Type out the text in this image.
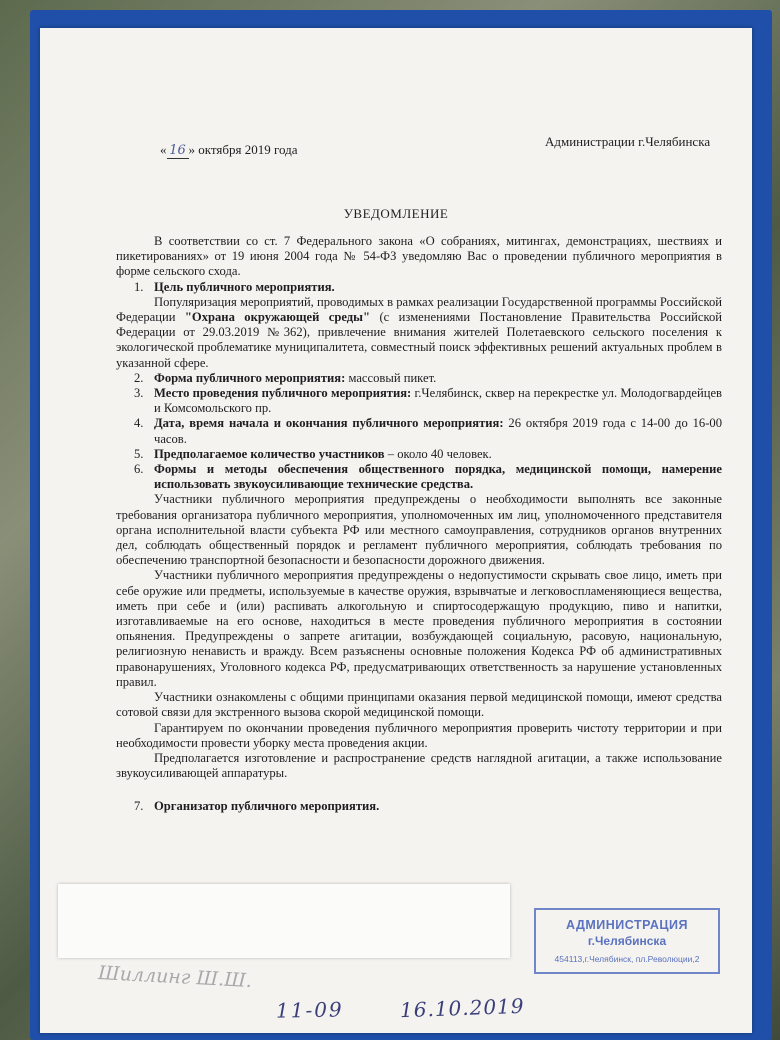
Администрации г.Челябинска
« 16 » октября 2019 года
УВЕДОМЛЕНИЕ

В соответствии со ст. 7 Федерального закона «О собраниях, митингах, демонстрациях, шествиях и пикетированиях» от 19 июня 2004 года № 54-ФЗ уведомляю Вас о проведении публичного мероприятия в форме сельского схода.

1. Цель публичного мероприятия.

Популяризация мероприятий, проводимых в рамках реализации Государственной программы Российской Федерации "Охрана окружающей среды" (с изменениями Постановление Правительства Российской Федерации от 29.03.2019 №362), привлечение внимания жителей Полетаевского сельского поселения к экологической проблематике муниципалитета, совместный поиск эффективных решений актуальных проблем в указанной сфере.

2. Форма публичного мероприятия: массовый пикет.
3. Место проведения публичного мероприятия: г.Челябинск, сквер на перекрестке ул. Молодогвардейцев и Комсомольского пр.
4. Дата, время начала и окончания публичного мероприятия: 26 октября 2019 года с 14-00 до 16-00 часов.
5. Предполагаемое количество участников – около 40 человек.
6. Формы и методы обеспечения общественного порядка, медицинской помощи, намерение использовать звукоусиливающие технические средства.

Участники публичного мероприятия предупреждены о необходимости выполнять все законные требования организатора публичного мероприятия, уполномоченных им лиц, уполномоченного представителя органа исполнительной власти субъекта РФ или местного самоуправления, сотрудников органов внутренних дел, соблюдать общественный порядок и регламент публичного мероприятия, соблюдать требования по обеспечению транспортной безопасности и безопасности дорожного движения.

Участники публичного мероприятия предупреждены о недопустимости скрывать свое лицо, иметь при себе оружие или предметы, используемые в качестве оружия, взрывчатые и легковоспламеняющиеся вещества, иметь при себе и (или) распивать алкогольную и спиртосодержащую продукцию, пиво и напитки, изготавливаемые на его основе, находиться в месте проведения публичного мероприятия в состоянии опьянения. Предупреждены о запрете агитации, возбуждающей социальную, расовую, национальную, религиозную ненависть и вражду. Всем разъяснены основные положения Кодекса РФ об административных правонарушениях, Уголовного кодекса РФ, предусматривающих ответственность за нарушение установленных правил.

Участники ознакомлены с общими принципами оказания первой медицинской помощи, имеют средства сотовой связи для экстренного вызова скорой медицинской помощи.

Гарантируем по окончании проведения публичного мероприятия проверить чистоту территории и при необходимости провести уборку места проведения акции.

Предполагается изготовление и распространение средств наглядной агитации, а также использование звукоусиливающей аппаратуры.

7. Организатор публичного мероприятия.
АДМИНИСТРАЦИЯ
г.Челябинска
454113,г.Челябинск, пл.Революции,2
Шиллинг Ш.Ш.
11-09	16.10.2019
